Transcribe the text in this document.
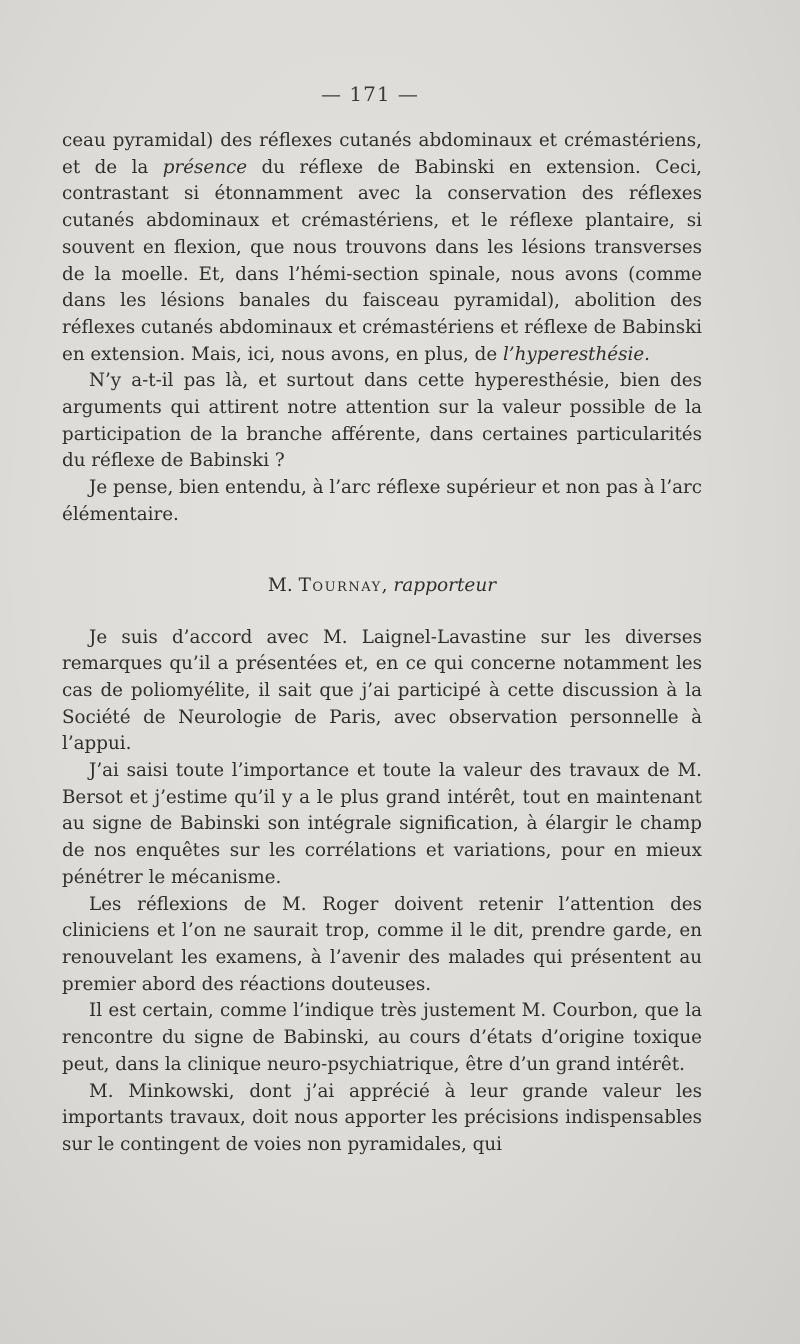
— 171 —

ceau pyramidal) des réflexes cutanés abdominaux et crémastériens, et de la présence du réflexe de Babinski en extension. Ceci, contrastant si étonnamment avec la conservation des réflexes cutanés abdominaux et crémastériens, et le réflexe plantaire, si souvent en flexion, que nous trouvons dans les lésions transverses de la moelle. Et, dans l’hémi-section spinale, nous avons (comme dans les lésions banales du faisceau pyramidal), abolition des réflexes cutanés abdominaux et crémastériens et réflexe de Babinski en extension. Mais, ici, nous avons, en plus, de l’hyperesthésie.

N’y a-t-il pas là, et surtout dans cette hyperesthésie, bien des arguments qui attirent notre attention sur la valeur possible de la participation de la branche afférente, dans certaines particularités du réflexe de Babinski ?

Je pense, bien entendu, à l’arc réflexe supérieur et non pas à l’arc élémentaire.

M. Tournay, rapporteur

Je suis d’accord avec M. Laignel-Lavastine sur les diverses remarques qu’il a présentées et, en ce qui concerne notamment les cas de poliomyélite, il sait que j’ai participé à cette discussion à la Société de Neurologie de Paris, avec observation personnelle à l’appui.

J’ai saisi toute l’importance et toute la valeur des travaux de M. Bersot et j’estime qu’il y a le plus grand intérêt, tout en maintenant au signe de Babinski son intégrale signification, à élargir le champ de nos enquêtes sur les corrélations et variations, pour en mieux pénétrer le mécanisme.

Les réflexions de M. Roger doivent retenir l’attention des cliniciens et l’on ne saurait trop, comme il le dit, prendre garde, en renouvelant les examens, à l’avenir des malades qui présentent au premier abord des réactions douteuses.

Il est certain, comme l’indique très justement M. Courbon, que la rencontre du signe de Babinski, au cours d’états d’origine toxique peut, dans la clinique neuro-psychiatrique, être d’un grand intérêt.

M. Minkowski, dont j’ai apprécié à leur grande valeur les importants travaux, doit nous apporter les précisions indispensables sur le contingent de voies non pyramidales, qui
